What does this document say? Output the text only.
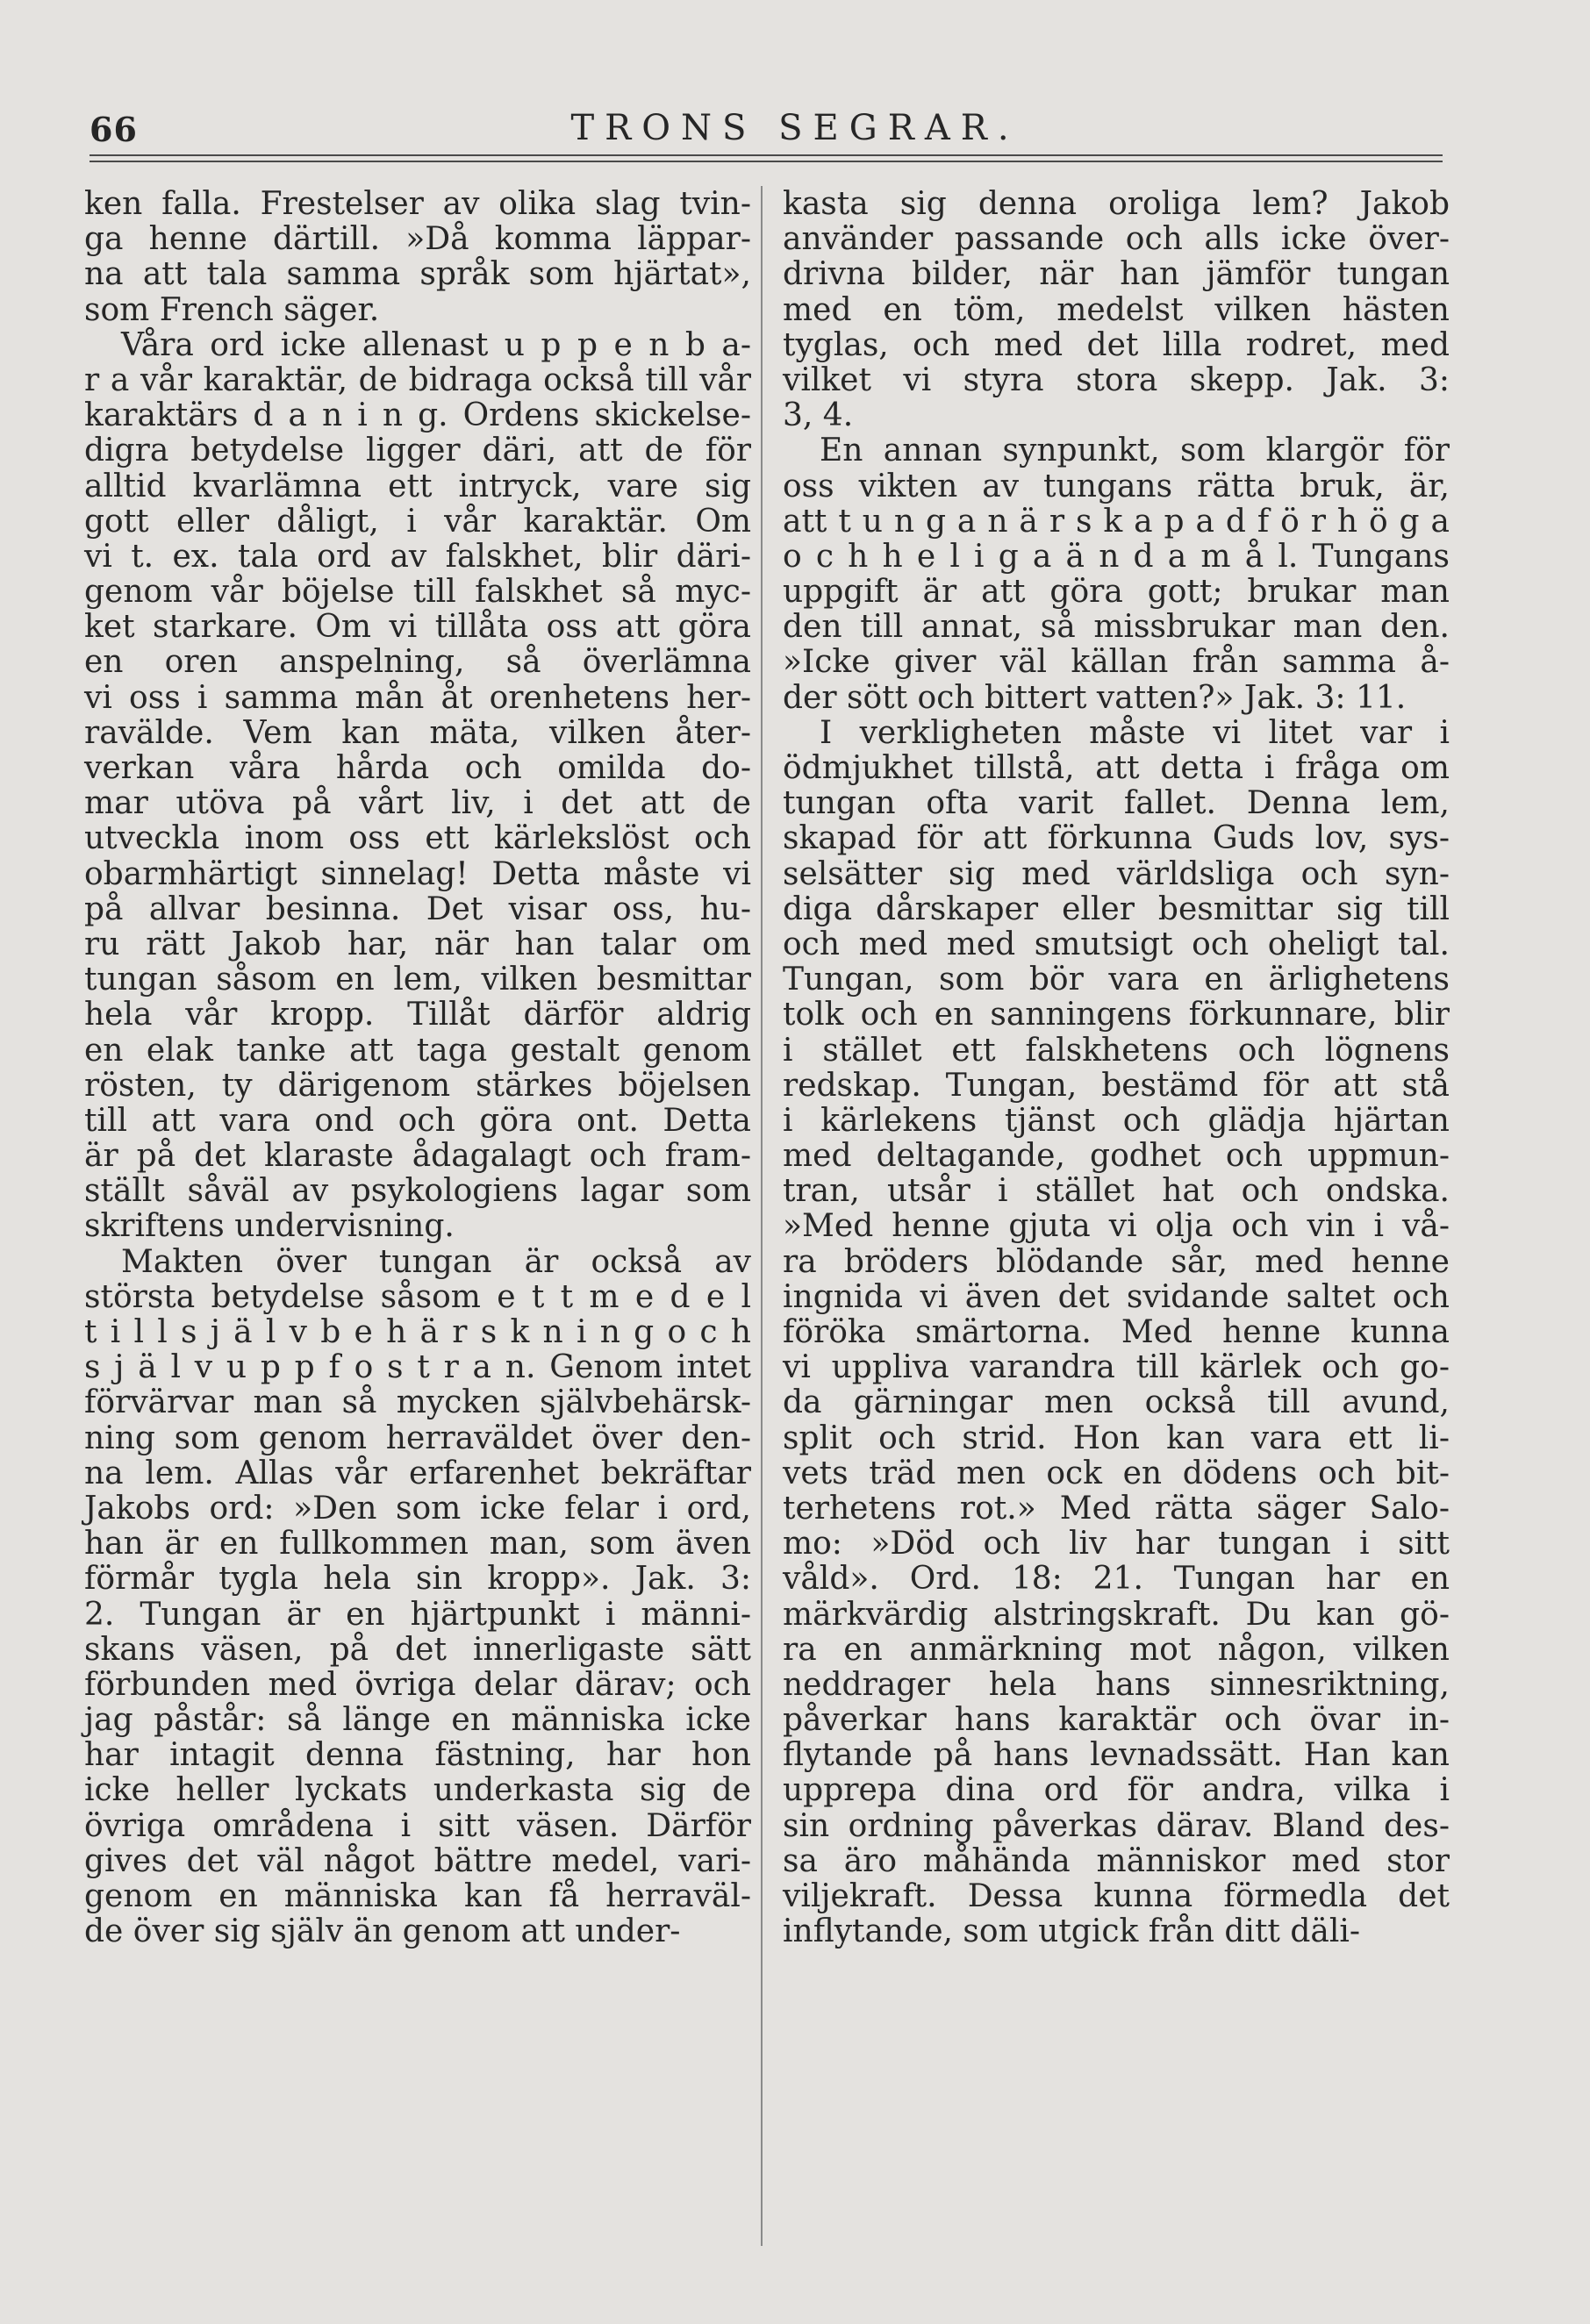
66	TRONS SEGRAR.
ken falla. Frestelser av olika slag tvin-
ga henne därtill. »Då komma läppar-
na att tala samma språk som hjärtat»,
som French säger.
Våra ord icke allenast u p p e n b a-
r a vår karaktär, de bidraga också till vår
karaktärs d a n i n g. Ordens skickelse-
digra betydelse ligger däri, att de för
alltid kvarlämna ett intryck, vare sig
gott eller dåligt, i vår karaktär. Om
vi t. ex. tala ord av falskhet, blir däri-
genom vår böjelse till falskhet så myc-
ket starkare. Om vi tillåta oss att göra
en oren anspelning, så överlämna
vi oss i samma mån åt orenhetens her-
ravälde. Vem kan mäta, vilken åter-
verkan våra hårda och omilda do-
mar utöva på vårt liv, i det att de
utveckla inom oss ett kärlekslöst och
obarmhärtigt sinnelag! Detta måste vi
på allvar besinna. Det visar oss, hu-
ru rätt Jakob har, när han talar om
tungan såsom en lem, vilken besmittar
hela vår kropp. Tillåt därför aldrig
en elak tanke att taga gestalt genom
rösten, ty därigenom stärkes böjelsen
till att vara ond och göra ont. Detta
är på det klaraste ådagalagt och fram-
ställt såväl av psykologiens lagar som
skriftens undervisning.
Makten över tungan är också av
största betydelse såsom e t t m e d e l
t i l l s j ä l v b e h ä r s k n i n g o c h
s j ä l v u p p f o s t r a n. Genom intet
förvärvar man så mycken självbehärsk-
ning som genom herraväldet över den-
na lem. Allas vår erfarenhet bekräftar
Jakobs ord: »Den som icke felar i ord,
han är en fullkommen man, som även
förmår tygla hela sin kropp». Jak. 3:
2. Tungan är en hjärtpunkt i männi-
skans väsen, på det innerligaste sätt
förbunden med övriga delar därav; och
jag påstår: så länge en människa icke
har intagit denna fästning, har hon
icke heller lyckats underkasta sig de
övriga områdena i sitt väsen. Därför
gives det väl något bättre medel, vari-
genom en människa kan få herraväl-
de över sig själv än genom att under-
kasta sig denna oroliga lem? Jakob
använder passande och alls icke över-
drivna bilder, när han jämför tungan
med en töm, medelst vilken hästen
tyglas, och med det lilla rodret, med
vilket vi styra stora skepp. Jak. 3:
3, 4.
En annan synpunkt, som klargör för
oss vikten av tungans rätta bruk, är,
att t u n g a n ä r s k a p a d f ö r h ö g a
o c h h e l i g a ä n d a m å l. Tungans
uppgift är att göra gott; brukar man
den till annat, så missbrukar man den.
»Icke giver väl källan från samma å-
der sött och bittert vatten?» Jak. 3: 11.
I verkligheten måste vi litet var i
ödmjukhet tillstå, att detta i fråga om
tungan ofta varit fallet. Denna lem,
skapad för att förkunna Guds lov, sys-
selsätter sig med världsliga och syn-
diga dårskaper eller besmittar sig till
och med med smutsigt och oheligt tal.
Tungan, som bör vara en ärlighetens
tolk och en sanningens förkunnare, blir
i stället ett falskhetens och lögnens
redskap. Tungan, bestämd för att stå
i kärlekens tjänst och glädja hjärtan
med deltagande, godhet och uppmun-
tran, utsår i stället hat och ondska.
»Med henne gjuta vi olja och vin i vå-
ra bröders blödande sår, med henne
ingnida vi även det svidande saltet och
föröka smärtorna. Med henne kunna
vi uppliva varandra till kärlek och go-
da gärningar men också till avund,
split och strid. Hon kan vara ett li-
vets träd men ock en dödens och bit-
terhetens rot.» Med rätta säger Salo-
mo: »Död och liv har tungan i sitt
våld». Ord. 18: 21. Tungan har en
märkvärdig alstringskraft. Du kan gö-
ra en anmärkning mot någon, vilken
neddrager hela hans sinnesriktning,
påverkar hans karaktär och övar in-
flytande på hans levnadssätt. Han kan
upprepa dina ord för andra, vilka i
sin ordning påverkas därav. Bland des-
sa äro måhända människor med stor
viljekraft. Dessa kunna förmedla det
inflytande, som utgick från ditt däli-
